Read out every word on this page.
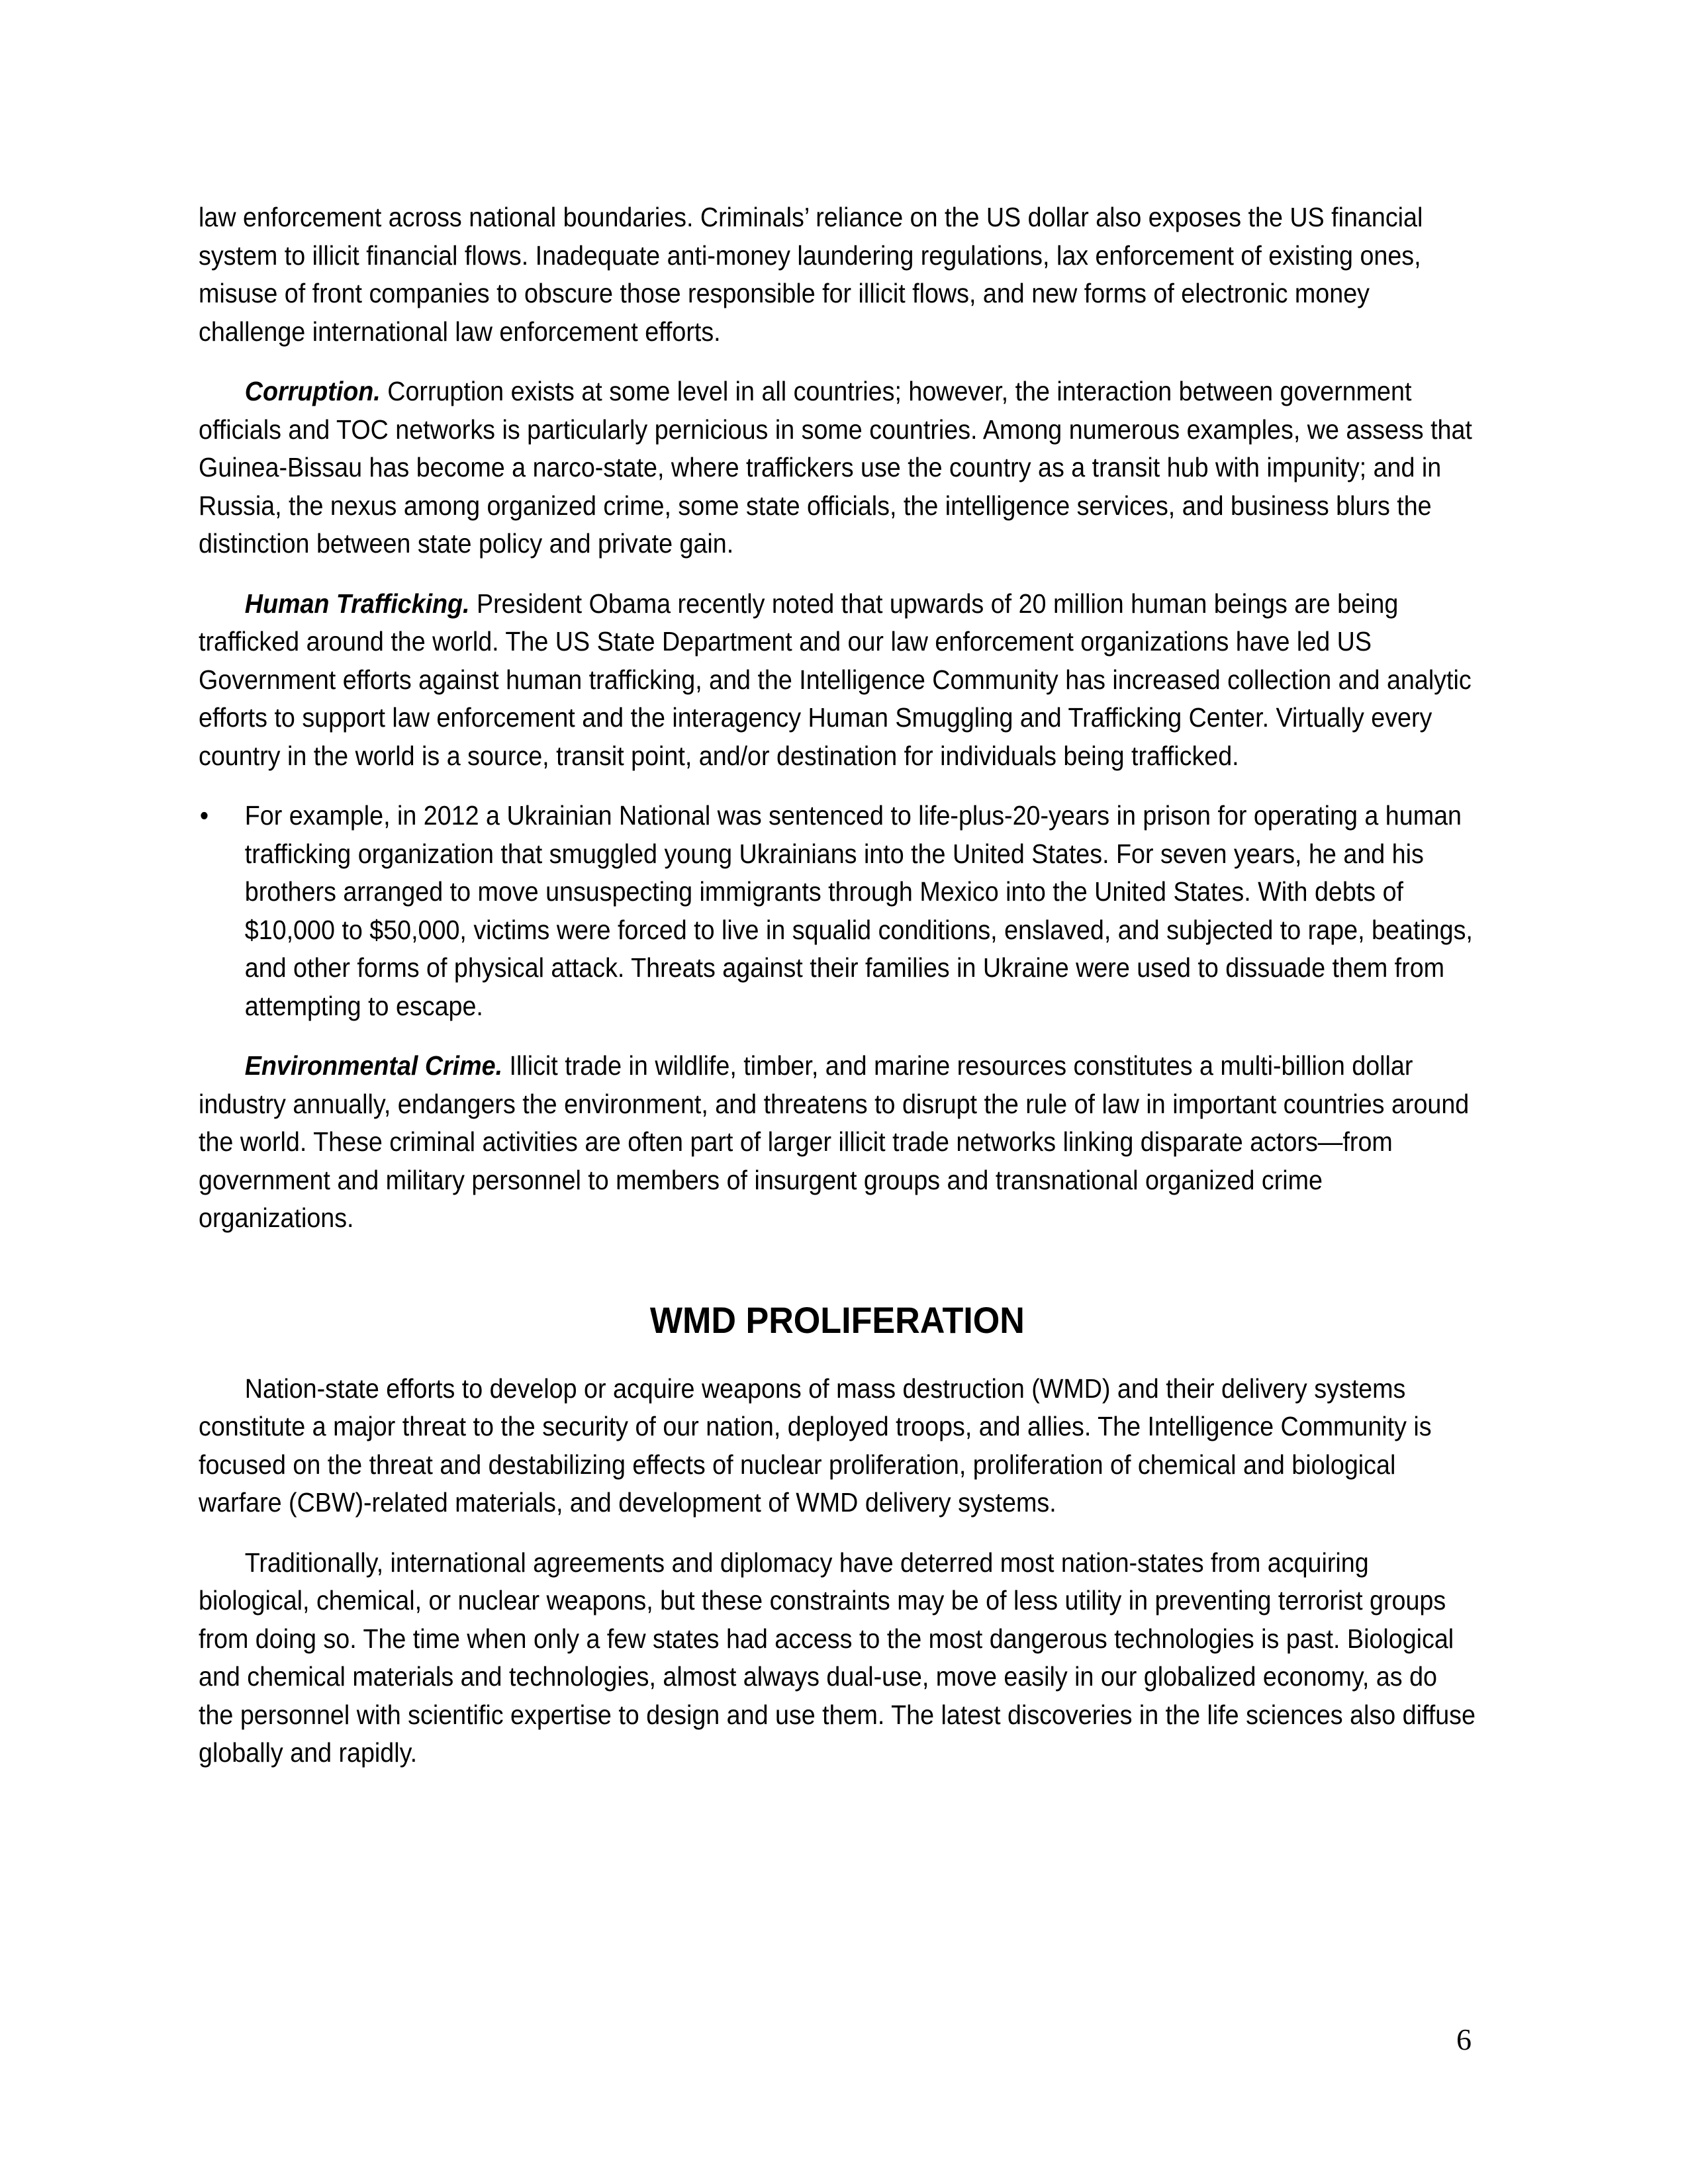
law enforcement across national boundaries. Criminals’ reliance on the US dollar also exposes the US financial system to illicit financial flows. Inadequate anti-money laundering regulations, lax enforcement of existing ones, misuse of front companies to obscure those responsible for illicit flows, and new forms of electronic money challenge international law enforcement efforts.

Corruption. Corruption exists at some level in all countries; however, the interaction between government officials and TOC networks is particularly pernicious in some countries. Among numerous examples, we assess that Guinea-Bissau has become a narco-state, where traffickers use the country as a transit hub with impunity; and in Russia, the nexus among organized crime, some state officials, the intelligence services, and business blurs the distinction between state policy and private gain.

Human Trafficking. President Obama recently noted that upwards of 20 million human beings are being trafficked around the world. The US State Department and our law enforcement organizations have led US Government efforts against human trafficking, and the Intelligence Community has increased collection and analytic efforts to support law enforcement and the interagency Human Smuggling and Trafficking Center. Virtually every country in the world is a source, transit point, and/or destination for individuals being trafficked.

• For example, in 2012 a Ukrainian National was sentenced to life-plus-20-years in prison for operating a human trafficking organization that smuggled young Ukrainians into the United States. For seven years, he and his brothers arranged to move unsuspecting immigrants through Mexico into the United States. With debts of $10,000 to $50,000, victims were forced to live in squalid conditions, enslaved, and subjected to rape, beatings, and other forms of physical attack. Threats against their families in Ukraine were used to dissuade them from attempting to escape.

Environmental Crime. Illicit trade in wildlife, timber, and marine resources constitutes a multi-billion dollar industry annually, endangers the environment, and threatens to disrupt the rule of law in important countries around the world. These criminal activities are often part of larger illicit trade networks linking disparate actors—from government and military personnel to members of insurgent groups and transnational organized crime organizations.

WMD PROLIFERATION

Nation-state efforts to develop or acquire weapons of mass destruction (WMD) and their delivery systems constitute a major threat to the security of our nation, deployed troops, and allies. The Intelligence Community is focused on the threat and destabilizing effects of nuclear proliferation, proliferation of chemical and biological warfare (CBW)-related materials, and development of WMD delivery systems.

Traditionally, international agreements and diplomacy have deterred most nation-states from acquiring biological, chemical, or nuclear weapons, but these constraints may be of less utility in preventing terrorist groups from doing so. The time when only a few states had access to the most dangerous technologies is past. Biological and chemical materials and technologies, almost always dual-use, move easily in our globalized economy, as do the personnel with scientific expertise to design and use them. The latest discoveries in the life sciences also diffuse globally and rapidly.

6
